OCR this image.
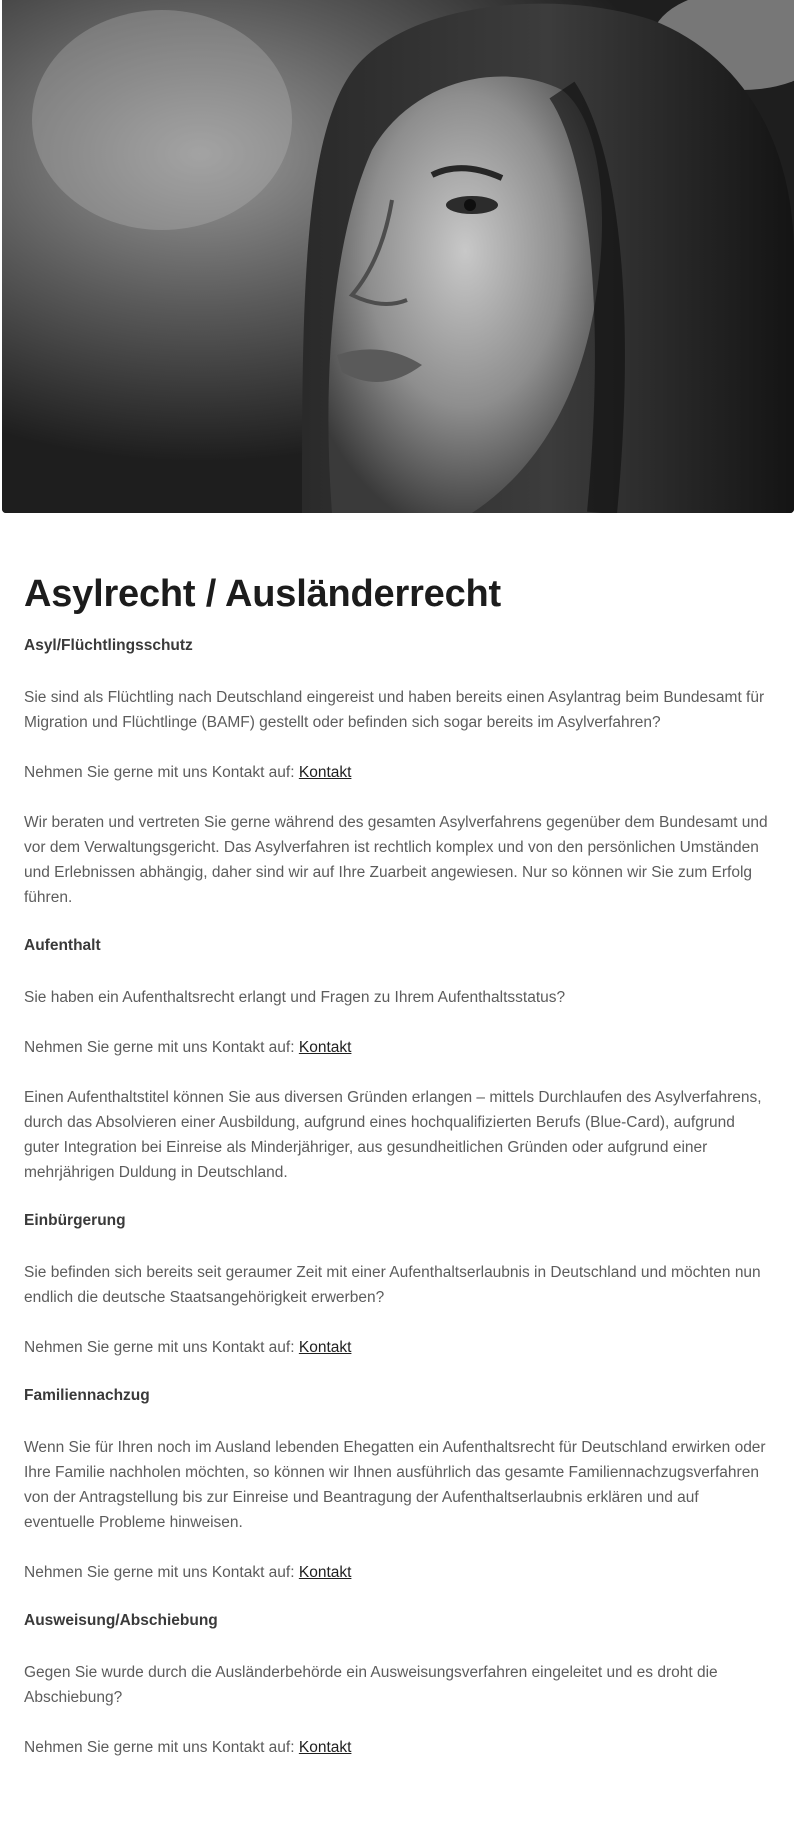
Asylrecht / Ausländerrecht
Asyl/Flüchtlingsschutz

Sie sind als Flüchtling nach Deutschland eingereist und haben bereits einen Asylantrag beim Bundesamt für Migration und Flüchtlinge (BAMF) gestellt oder befinden sich sogar bereits im Asylverfahren?

Nehmen Sie gerne mit uns Kontakt auf: Kontakt

Wir beraten und vertreten Sie gerne während des gesamten Asylverfahrens gegenüber dem Bundesamt und vor dem Verwaltungsgericht. Das Asylverfahren ist rechtlich komplex und von den persönlichen Umständen und Erlebnissen abhängig, daher sind wir auf Ihre Zuarbeit angewiesen. Nur so können wir Sie zum Erfolg führen.

Aufenthalt

Sie haben ein Aufenthaltsrecht erlangt und Fragen zu Ihrem Aufenthaltsstatus?

Nehmen Sie gerne mit uns Kontakt auf: Kontakt

Einen Aufenthaltstitel können Sie aus diversen Gründen erlangen – mittels Durchlaufen des Asylverfahrens, durch das Absolvieren einer Ausbildung, aufgrund eines hochqualifizierten Berufs (Blue-Card), aufgrund guter Integration bei Einreise als Minderjähriger, aus gesundheitlichen Gründen oder aufgrund einer mehrjährigen Duldung in Deutschland.

Einbürgerung

Sie befinden sich bereits seit geraumer Zeit mit einer Aufenthaltserlaubnis in Deutschland und möchten nun endlich die deutsche Staatsangehörigkeit erwerben?

Nehmen Sie gerne mit uns Kontakt auf: Kontakt

Familiennachzug

Wenn Sie für Ihren noch im Ausland lebenden Ehegatten ein Aufenthaltsrecht für Deutschland erwirken oder Ihre Familie nachholen möchten, so können wir Ihnen ausführlich das gesamte Familiennachzugsverfahren von der Antragstellung bis zur Einreise und Beantragung der Aufenthaltserlaubnis erklären und auf eventuelle Probleme hinweisen.

Nehmen Sie gerne mit uns Kontakt auf: Kontakt

Ausweisung/Abschiebung

Gegen Sie wurde durch die Ausländerbehörde ein Ausweisungsverfahren eingeleitet und es droht die Abschiebung?

Nehmen Sie gerne mit uns Kontakt auf: Kontakt
